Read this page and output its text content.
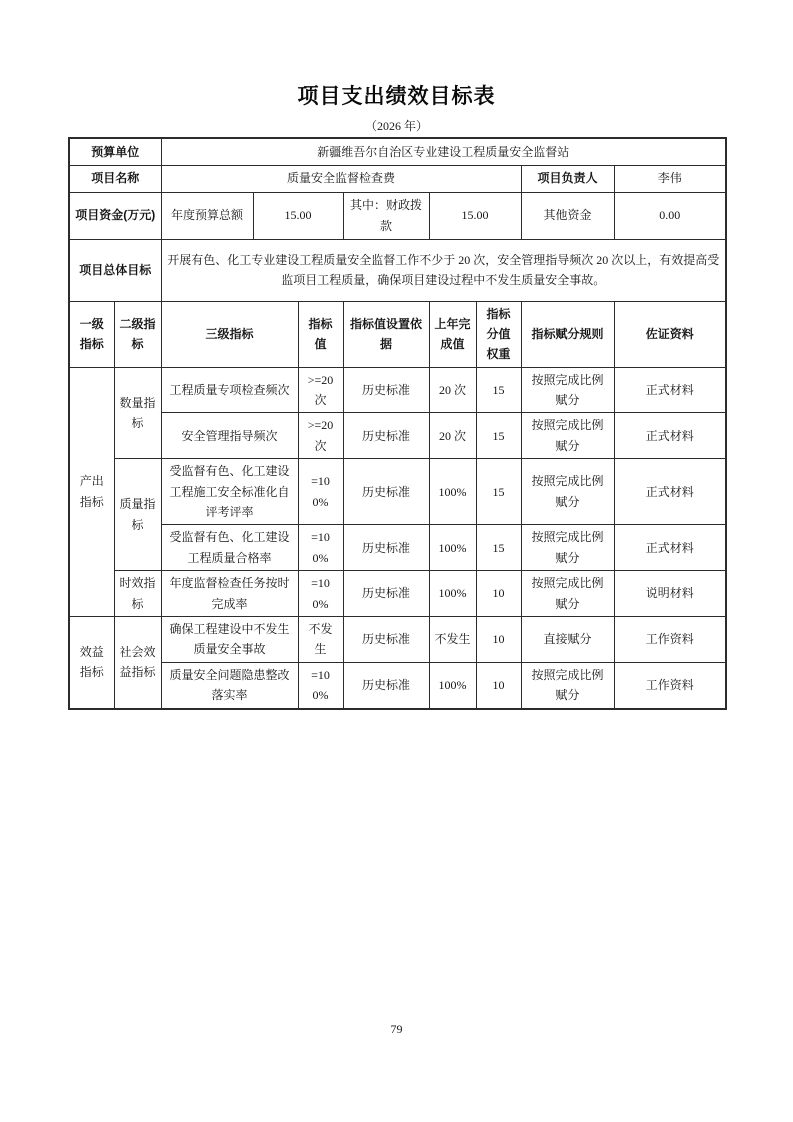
项目支出绩效目标表
（2026 年）
预算单位		新疆维吾尔自治区专业建设工程质量安全监督站							
项目名称		质量安全监督检查费						项目负责人	李伟
项目资金(万元)		年度预算总额	15.00		其中：财政拨款	15.00		其他资金	0.00
项目总体目标		开展有色、化工专业建设工程质量安全监督工作不少于 20 次，安全管理指导频次 20 次以上，有效提高受监项目工程质量，确保项目建设过程中不发生质量安全事故。							
一级指标	二级指标	三级指标		指标值	指标值设置依据	上年完成值	指标分值权重	指标赋分规则	佐证资料
产出指标	数量指标	工程质量专项检查频次		>=20次	历史标准	20 次	15	按照完成比例赋分	正式材料
		安全管理指导频次		>=20次	历史标准	20 次	15	按照完成比例赋分	正式材料
	质量指标	受监督有色、化工建设工程施工安全标准化自评考评率		=100%	历史标准	100%	15	按照完成比例赋分	正式材料
		受监督有色、化工建设工程质量合格率		=100%	历史标准	100%	15	按照完成比例赋分	正式材料
	时效指标	年度监督检查任务按时完成率		=100%	历史标准	100%	10	按照完成比例赋分	说明材料
效益指标	社会效益指标	确保工程建设中不发生质量安全事故		不发生	历史标准	不发生	10	直接赋分	工作资料
		质量安全问题隐患整改落实率		=100%	历史标准	100%	10	按照完成比例赋分	工作资料
79
